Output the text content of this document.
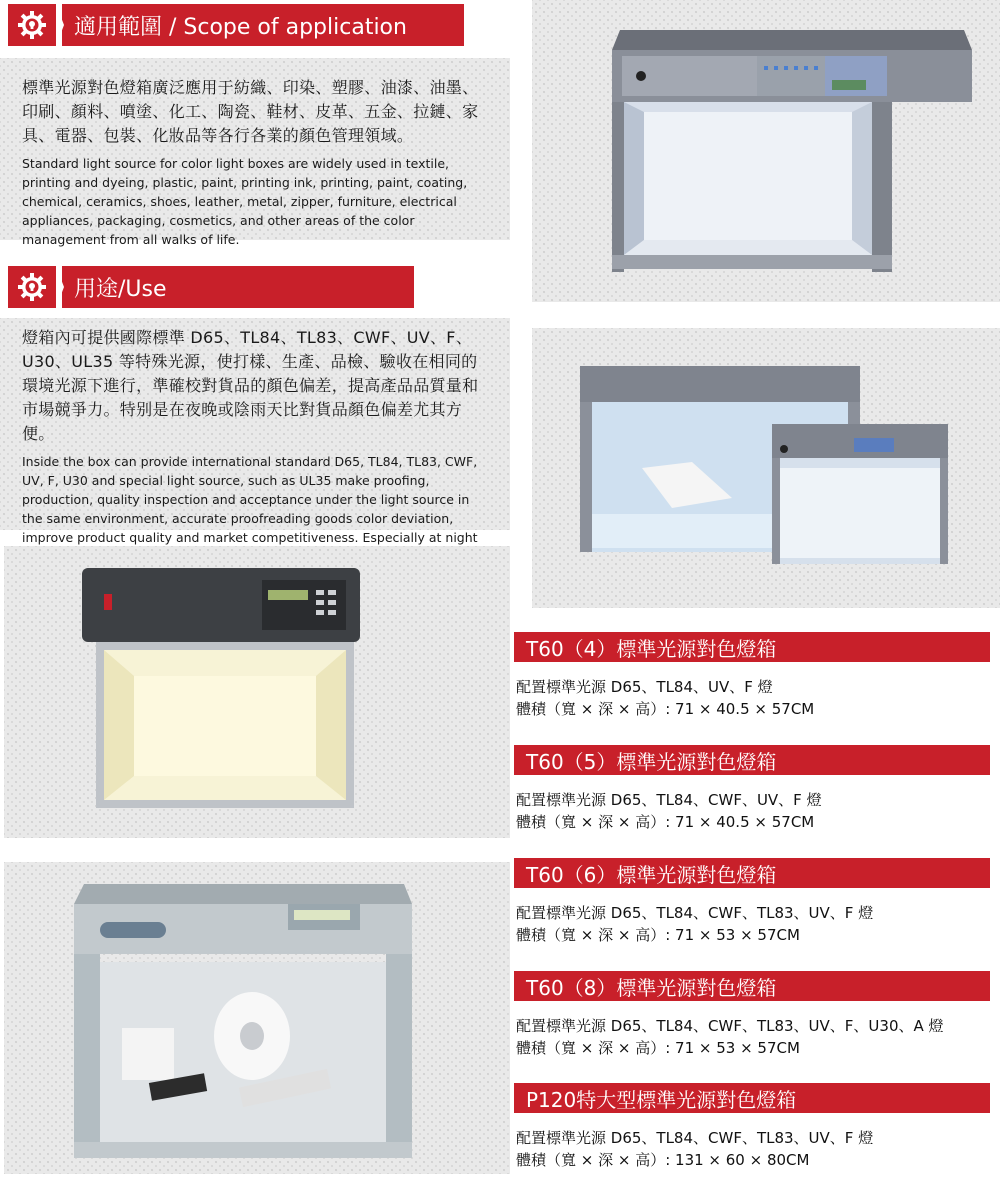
適用範圍 / Scope of application

標準光源對色燈箱廣泛應用于紡織、印染、塑膠、油漆、油墨、印刷、顏料、噴塗、化工、陶瓷、鞋材、皮革、五金、拉鏈、家具、電器、包裝、化妝品等各行各業的顏色管理領域。

Standard light source for color light boxes are widely used in textile, printing and dyeing, plastic, paint, printing ink, printing, paint, coating, chemical, ceramics, shoes, leather, metal, zipper, furniture, electrical appliances, packaging, cosmetics, and other areas of the color management from all walks of life.

用途/Use

燈箱內可提供國際標準 D65、TL84、TL83、CWF、UV、F、U30、UL35 等特殊光源，使打樣、生產、品檢、驗收在相同的環境光源下進行，準確校對貨品的顏色偏差，提高產品品質量和市場競爭力。特别是在夜晚或陰雨天比對貨品顏色偏差尤其方便。

Inside the box can provide international standard D65, TL84, TL83, CWF, UV, F, U30 and special light source, such as UL35 make proofing, production, quality inspection and acceptance under the light source in the same environment, accurate proofreading goods color deviation, improve product quality and market competitiveness. Especially at night

T60（4）標準光源對色燈箱
配置標準光源 D65、TL84、UV、F 燈
體積（寬 × 深 × 高）: 71 × 40.5 × 57CM
T60（5）標準光源對色燈箱
配置標準光源 D65、TL84、CWF、UV、F 燈
體積（寬 × 深 × 高）: 71 × 40.5 × 57CM
T60（6）標準光源對色燈箱
配置標準光源 D65、TL84、CWF、TL83、UV、F 燈
體積（寬 × 深 × 高）: 71 × 53 × 57CM
T60（8）標準光源對色燈箱
配置標準光源 D65、TL84、CWF、TL83、UV、F、U30、A 燈
體積（寬 × 深 × 高）: 71 × 53 × 57CM
P120特大型標準光源對色燈箱
配置標準光源 D65、TL84、CWF、TL83、UV、F 燈
體積（寬 × 深 × 高）: 131 × 60 × 80CM
